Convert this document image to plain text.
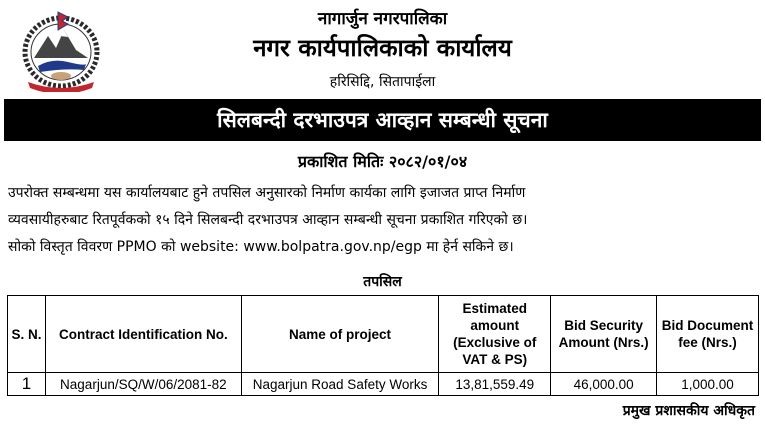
नागार्जुन नगरपालिका
नगर कार्यपालिकाको कार्यालय
हरिसिद्दि, सितापाईला
सिलबन्दी दरभाउपत्र आव्हान सम्बन्धी सूचना
प्रकाशित मितिः २०८२/०१/०४
उपरोक्त सम्बन्धमा यस कार्यालयबाट हुने तपसिल अनुसारको निर्माण कार्यका लागि इजाजत प्राप्त निर्माण
व्यवसायीहरुबाट रितपूर्वकको १५ दिने सिलबन्दी दरभाउपत्र आव्हान सम्बन्धी सूचना प्रकाशित गरिएको छ।
सोको विस्तृत विवरण PPMO को website: www.bolpatra.gov.np/egp मा हेर्न सकिने छ।
तपसिल
S. N.	Contract Identification No.	Name of project	Estimated amount (Exclusive of VAT & PS)	Bid Security Amount (Nrs.)	Bid Document fee (Nrs.)
1	Nagarjun/SQ/W/06/2081-82	Nagarjun Road Safety Works	13,81,559.49	46,000.00	1,000.00
प्रमुख प्रशासकीय अधिकृत
